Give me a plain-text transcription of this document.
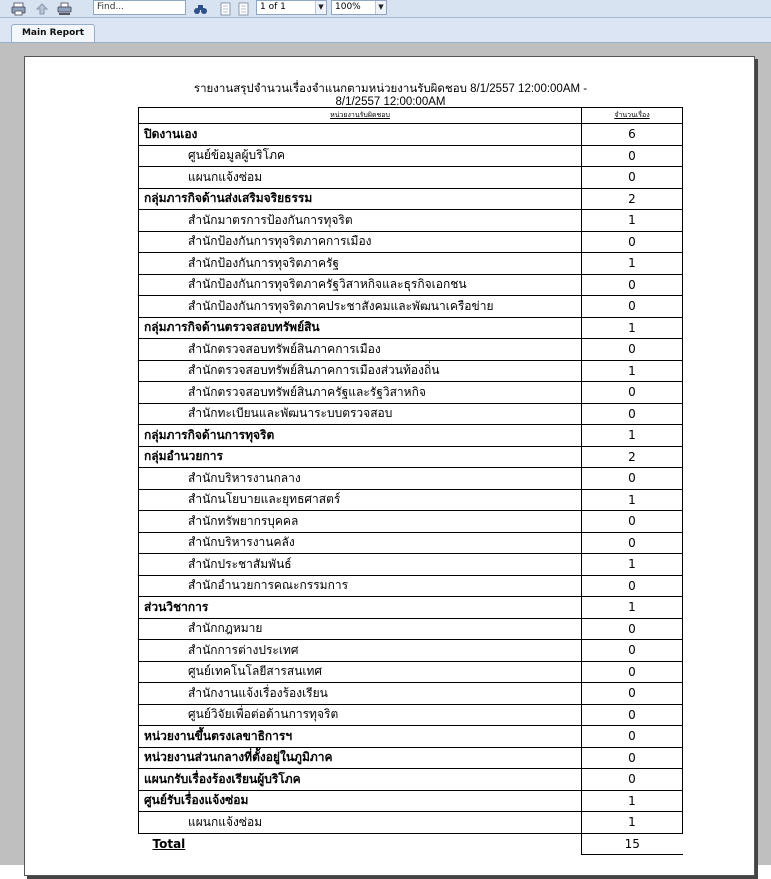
Find...	1 of 1	▼	100%	▼
Main Report
รายงานสรุปจำนวนเรื่องจำแนกตามหน่วยงานรับผิดชอบ 8/1/2557 12:00:00AM -
8/1/2557 12:00:00AM
หน่วยงานรับผิดชอบ	จำนวนเรื่อง
ปิดงานเอง	6
ศูนย์ข้อมูลผู้บริโภค	0
แผนกแจ้งซ่อม	0
กลุ่มภารกิจด้านส่งเสริมจริยธรรม	2
สำนักมาตรการป้องกันการทุจริต	1
สำนักป้องกันการทุจริตภาคการเมือง	0
สำนักป้องกันการทุจริตภาครัฐ	1
สำนักป้องกันการทุจริตภาครัฐวิสาหกิจและธุรกิจเอกชน	0
สำนักป้องกันการทุจริตภาคประชาสังคมและพัฒนาเครือข่าย	0
กลุ่มภารกิจด้านตรวจสอบทรัพย์สิน	1
สำนักตรวจสอบทรัพย์สินภาคการเมือง	0
สำนักตรวจสอบทรัพย์สินภาคการเมืองส่วนท้องถิ่น	1
สำนักตรวจสอบทรัพย์สินภาครัฐและรัฐวิสาหกิจ	0
สำนักทะเบียนและพัฒนาระบบตรวจสอบ	0
กลุ่มภารกิจด้านการทุจริต	1
กลุ่มอำนวยการ	2
สำนักบริหารงานกลาง	0
สำนักนโยบายและยุทธศาสตร์	1
สำนักทรัพยากรบุคคล	0
สำนักบริหารงานคลัง	0
สำนักประชาสัมพันธ์	1
สำนักอำนวยการคณะกรรมการ	0
ส่วนวิชาการ	1
สำนักกฎหมาย	0
สำนักการต่างประเทศ	0
ศูนย์เทคโนโลยีสารสนเทศ	0
สำนักงานแจ้งเรื่องร้องเรียน	0
ศูนย์วิจัยเพื่อต่อต้านการทุจริต	0
หน่วยงานขึ้นตรงเลขาธิการฯ	0
หน่วยงานส่วนกลางที่ตั้งอยู่ในภูมิภาค	0
แผนกรับเรื่องร้องเรียนผู้บริโภค	0
ศูนย์รับเรื่องแจ้งซ่อม	1
แผนกแจ้งซ่อม	1
Total	15
